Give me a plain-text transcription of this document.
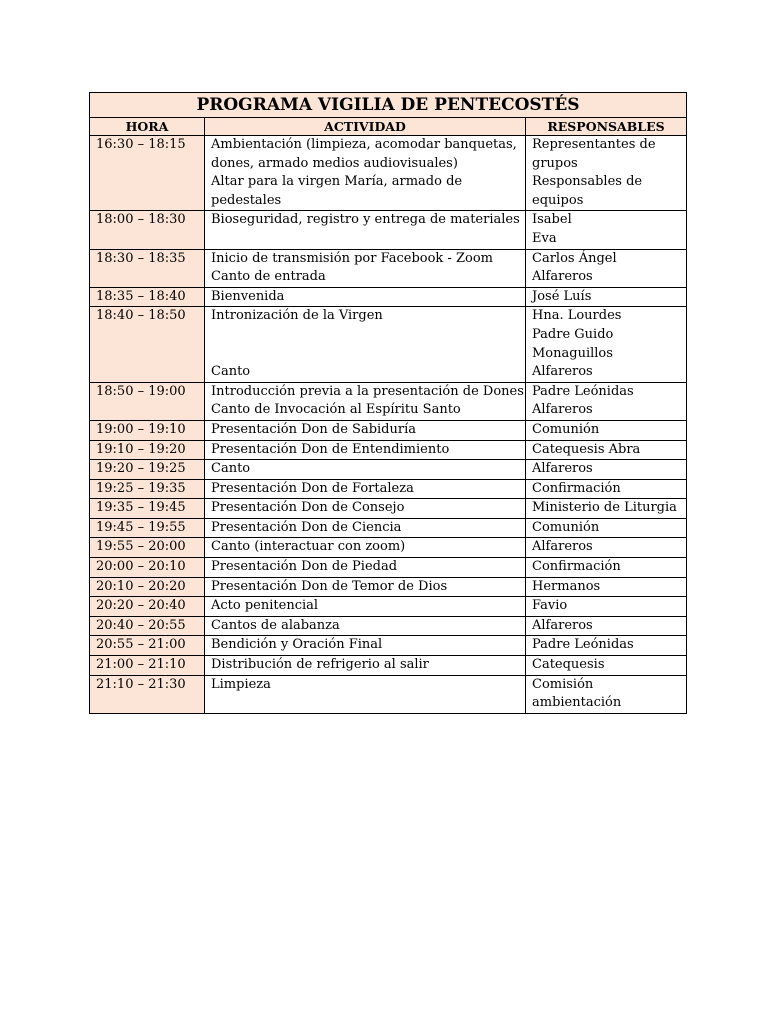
PROGRAMA VIGILIA DE PENTECOSTÉS		
HORA	ACTIVIDAD	RESPONSABLES
16:30 – 18:15	Ambientación (limpieza, acomodar banquetas,
dones, armado medios audiovisuales)
Altar para la virgen María, armado de
pedestales	Representantes de
grupos
Responsables de
equipos

18:00 – 18:30	Bioseguridad, registro y entrega de materiales	Isabel
Eva

18:30 – 18:35	Inicio de transmisión por Facebook - Zoom
Canto de entrada	Carlos Ángel
Alfareros

18:35 – 18:40	Bienvenida	José Luís

18:40 – 18:50	Intronización de la Virgen
Canto	Hna. Lourdes
Padre Guido
Monaguillos
Alfareros

18:50 – 19:00	Introducción previa a la presentación de Dones
Canto de Invocación al Espíritu Santo	Padre Leónidas
Alfareros

19:00 – 19:10	Presentación Don de Sabiduría	Comunión

19:10 – 19:20	Presentación Don de Entendimiento	Catequesis Abra

19:20 – 19:25	Canto	Alfareros

19:25 – 19:35	Presentación Don de Fortaleza	Confirmación

19:35 – 19:45	Presentación Don de Consejo	Ministerio de Liturgia

19:45 – 19:55	Presentación Don de Ciencia	Comunión

19:55 – 20:00	Canto (interactuar con zoom)	Alfareros

20:00 – 20:10	Presentación Don de Piedad	Confirmación

20:10 – 20:20	Presentación Don de Temor de Dios	Hermanos

20:20 – 20:40	Acto penitencial	Favio

20:40 – 20:55	Cantos de alabanza	Alfareros

20:55 – 21:00	Bendición y Oración Final	Padre Leónidas

21:00 – 21:10	Distribución de refrigerio al salir	Catequesis

21:10 – 21:30	Limpieza	Comisión
ambientación
